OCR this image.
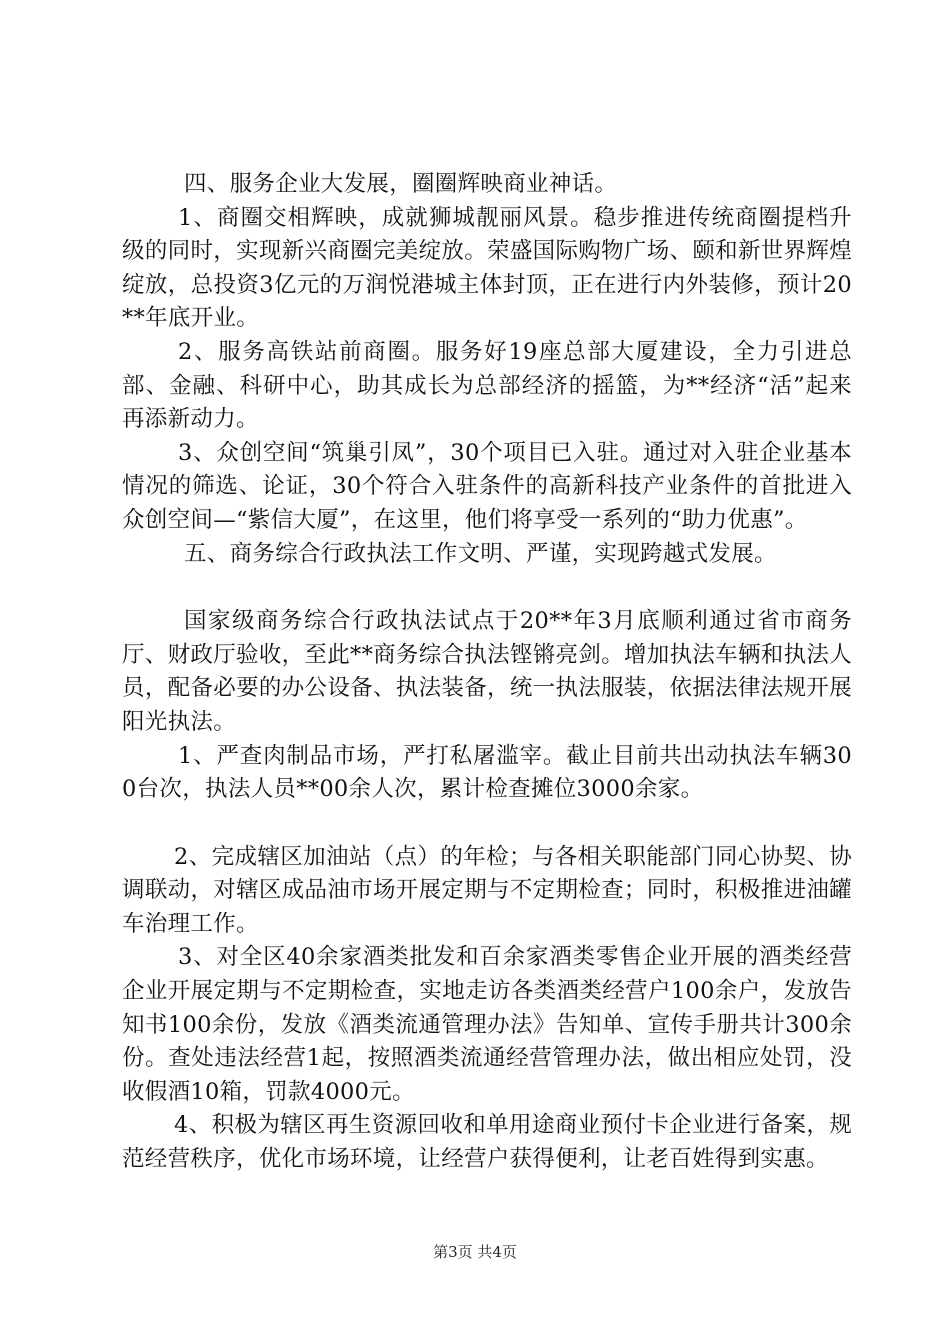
四、服务企业大发展，圈圈辉映商业神话。

1、商圈交相辉映，成就狮城靓丽风景。稳步推进传统商圈提档升级的同时，实现新兴商圈完美绽放。荣盛国际购物广场、颐和新世界辉煌绽放，总投资3亿元的万润悦港城主体封顶，正在进行内外装修，预计20**年底开业。

2、服务高铁站前商圈。服务好19座总部大厦建设，全力引进总部、金融、科研中心，助其成长为总部经济的摇篮，为**经济“活”起来再添新动力。

3、众创空间“筑巢引凤”，30个项目已入驻。通过对入驻企业基本情况的筛选、论证，30个符合入驻条件的高新科技产业条件的首批进入众创空间—“紫信大厦”，在这里，他们将享受一系列的“助力优惠”。

五、商务综合行政执法工作文明、严谨，实现跨越式发展。

国家级商务综合行政执法试点于20**年3月底顺利通过省市商务厅、财政厅验收，至此**商务综合执法铿锵亮剑。增加执法车辆和执法人员，配备必要的办公设备、执法装备，统一执法服装，依据法律法规开展阳光执法。

1、严查肉制品市场，严打私屠滥宰。截止目前共出动执法车辆300台次，执法人员**00余人次，累计检查摊位3000余家。

2、完成辖区加油站（点）的年检；与各相关职能部门同心协契、协调联动，对辖区成品油市场开展定期与不定期检查；同时，积极推进油罐车治理工作。

3、对全区40余家酒类批发和百余家酒类零售企业开展的酒类经营企业开展定期与不定期检查，实地走访各类酒类经营户100余户，发放告知书100余份，发放《酒类流通管理办法》告知单、宣传手册共计300余份。查处违法经营1起，按照酒类流通经营管理办法，做出相应处罚，没收假酒10箱，罚款4000元。

4、积极为辖区再生资源回收和单用途商业预付卡企业进行备案，规范经营秩序，优化市场环境，让经营户获得便利，让老百姓得到实惠。

第3页 共4页
